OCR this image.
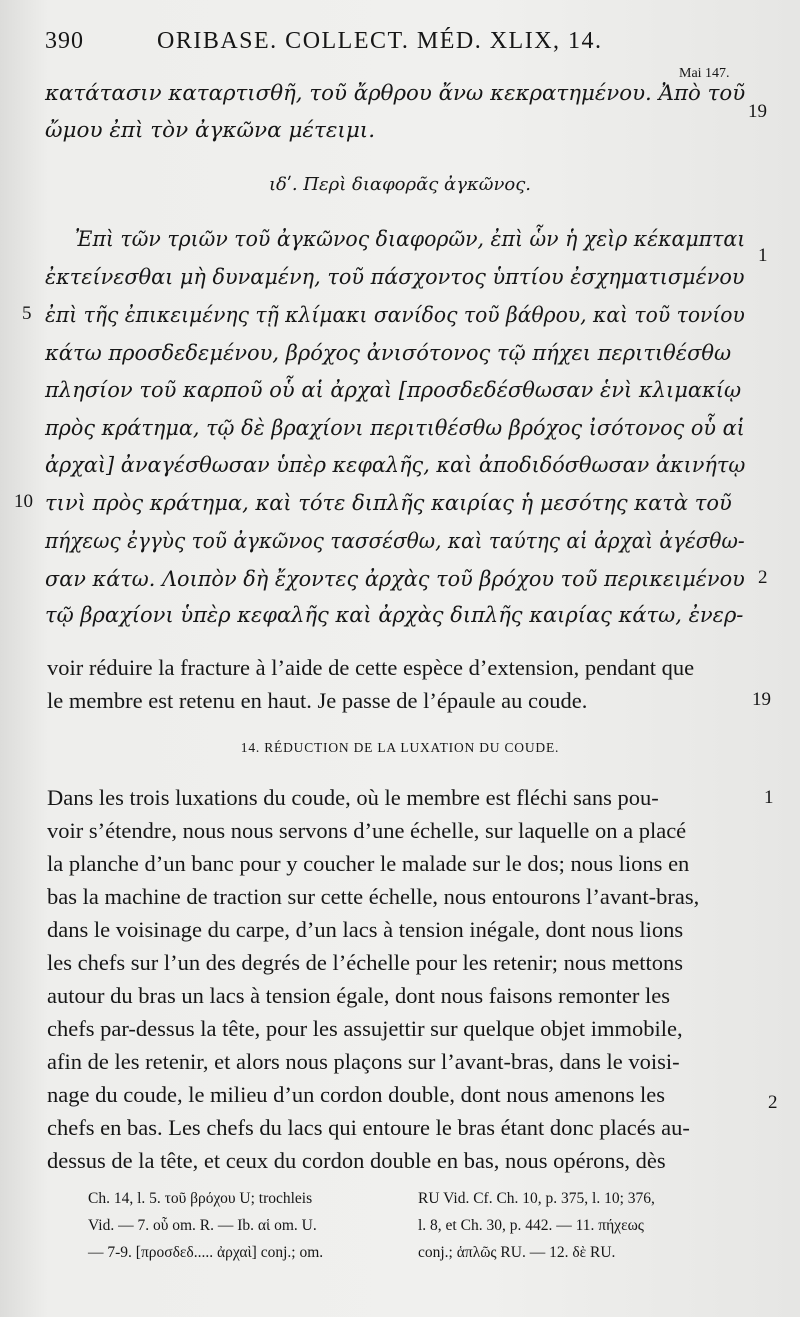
390	ORIBASE. COLLECT. MÉD. XLIX, 14.
Mai 147.
κατάτασιν καταρτισθῆ, τοῦ ἄρθρου ἄνω κεκρατημένου. Ἀπὸ τοῦ
ὤμου ἐπὶ τὸν ἀγκῶνα μέτειμι.
19
ιδʹ. Περὶ διαφορᾶς ἀγκῶνος.
Ἐπὶ τῶν τριῶν τοῦ ἀγκῶνος διαφορῶν, ἐπὶ ὧν ἡ χεὶρ κέκαμπται
ἐκτείνεσθαι μὴ δυναμένη, τοῦ πάσχοντος ὑπτίου ἐσχηματισμένου
ἐπὶ τῆς ἐπικειμένης τῇ κλίμακι σανίδος τοῦ βάθρου, καὶ τοῦ τονίου
κάτω προσδεδεμένου, βρόχος ἀνισότονος τῷ πήχει περιτιθέσθω
πλησίον τοῦ καρποῦ οὗ αἱ ἀρχαὶ [προσδεδέσθωσαν ἑνὶ κλιμακίῳ
πρὸς κράτημα, τῷ δὲ βραχίονι περιτιθέσθω βρόχος ἰσότονος οὗ αἱ
ἀρχαὶ] ἀναγέσθωσαν ὑπὲρ κεφαλῆς, καὶ ἀποδιδόσθωσαν ἀκινήτῳ
τινὶ πρὸς κράτημα, καὶ τότε διπλῆς καιρίας ἡ μεσότης κατὰ τοῦ
πήχεως ἐγγὺς τοῦ ἀγκῶνος τασσέσθω, καὶ ταύτης αἱ ἀρχαὶ ἀγέσθω-
σαν κάτω. Λοιπὸν δὴ ἔχοντες ἀρχὰς τοῦ βρόχου τοῦ περικειμένου
τῷ βραχίονι ὑπὲρ κεφαλῆς καὶ ἀρχὰς διπλῆς καιρίας κάτω, ἐνερ-
1
5
10
2
voir réduire la fracture à l’aide de cette espèce d’extension, pendant que
le membre est retenu en haut. Je passe de l’épaule au coude.	19
14. RÉDUCTION DE LA LUXATION DU COUDE.
Dans les trois luxations du coude, où le membre est fléchi sans pou-
voir s’étendre, nous nous servons d’une échelle, sur laquelle on a placé
la planche d’un banc pour y coucher le malade sur le dos; nous lions en
bas la machine de traction sur cette échelle, nous entourons l’avant-bras,
dans le voisinage du carpe, d’un lacs à tension inégale, dont nous lions
les chefs sur l’un des degrés de l’échelle pour les retenir; nous mettons
autour du bras un lacs à tension égale, dont nous faisons remonter les
chefs par-dessus la tête, pour les assujettir sur quelque objet immobile,
afin de les retenir, et alors nous plaçons sur l’avant-bras, dans le voisi-
nage du coude, le milieu d’un cordon double, dont nous amenons les
chefs en bas. Les chefs du lacs qui entoure le bras étant donc placés au-
dessus de la tête, et ceux du cordon double en bas, nous opérons, dès
1
2
Ch. 14, l. 5. τοῦ βρόχου U; trochleis
Vid. — 7. οὗ om. R. — Ib. αἱ om. U.
— 7-9. [προσδεδ..... ἀρχαὶ] conj.; om.
RU Vid. Cf. Ch. 10, p. 375, l. 10; 376,
l. 8, et Ch. 30, p. 442. — 11. πήχεως
conj.; ἁπλῶς RU. — 12. δὲ RU.
